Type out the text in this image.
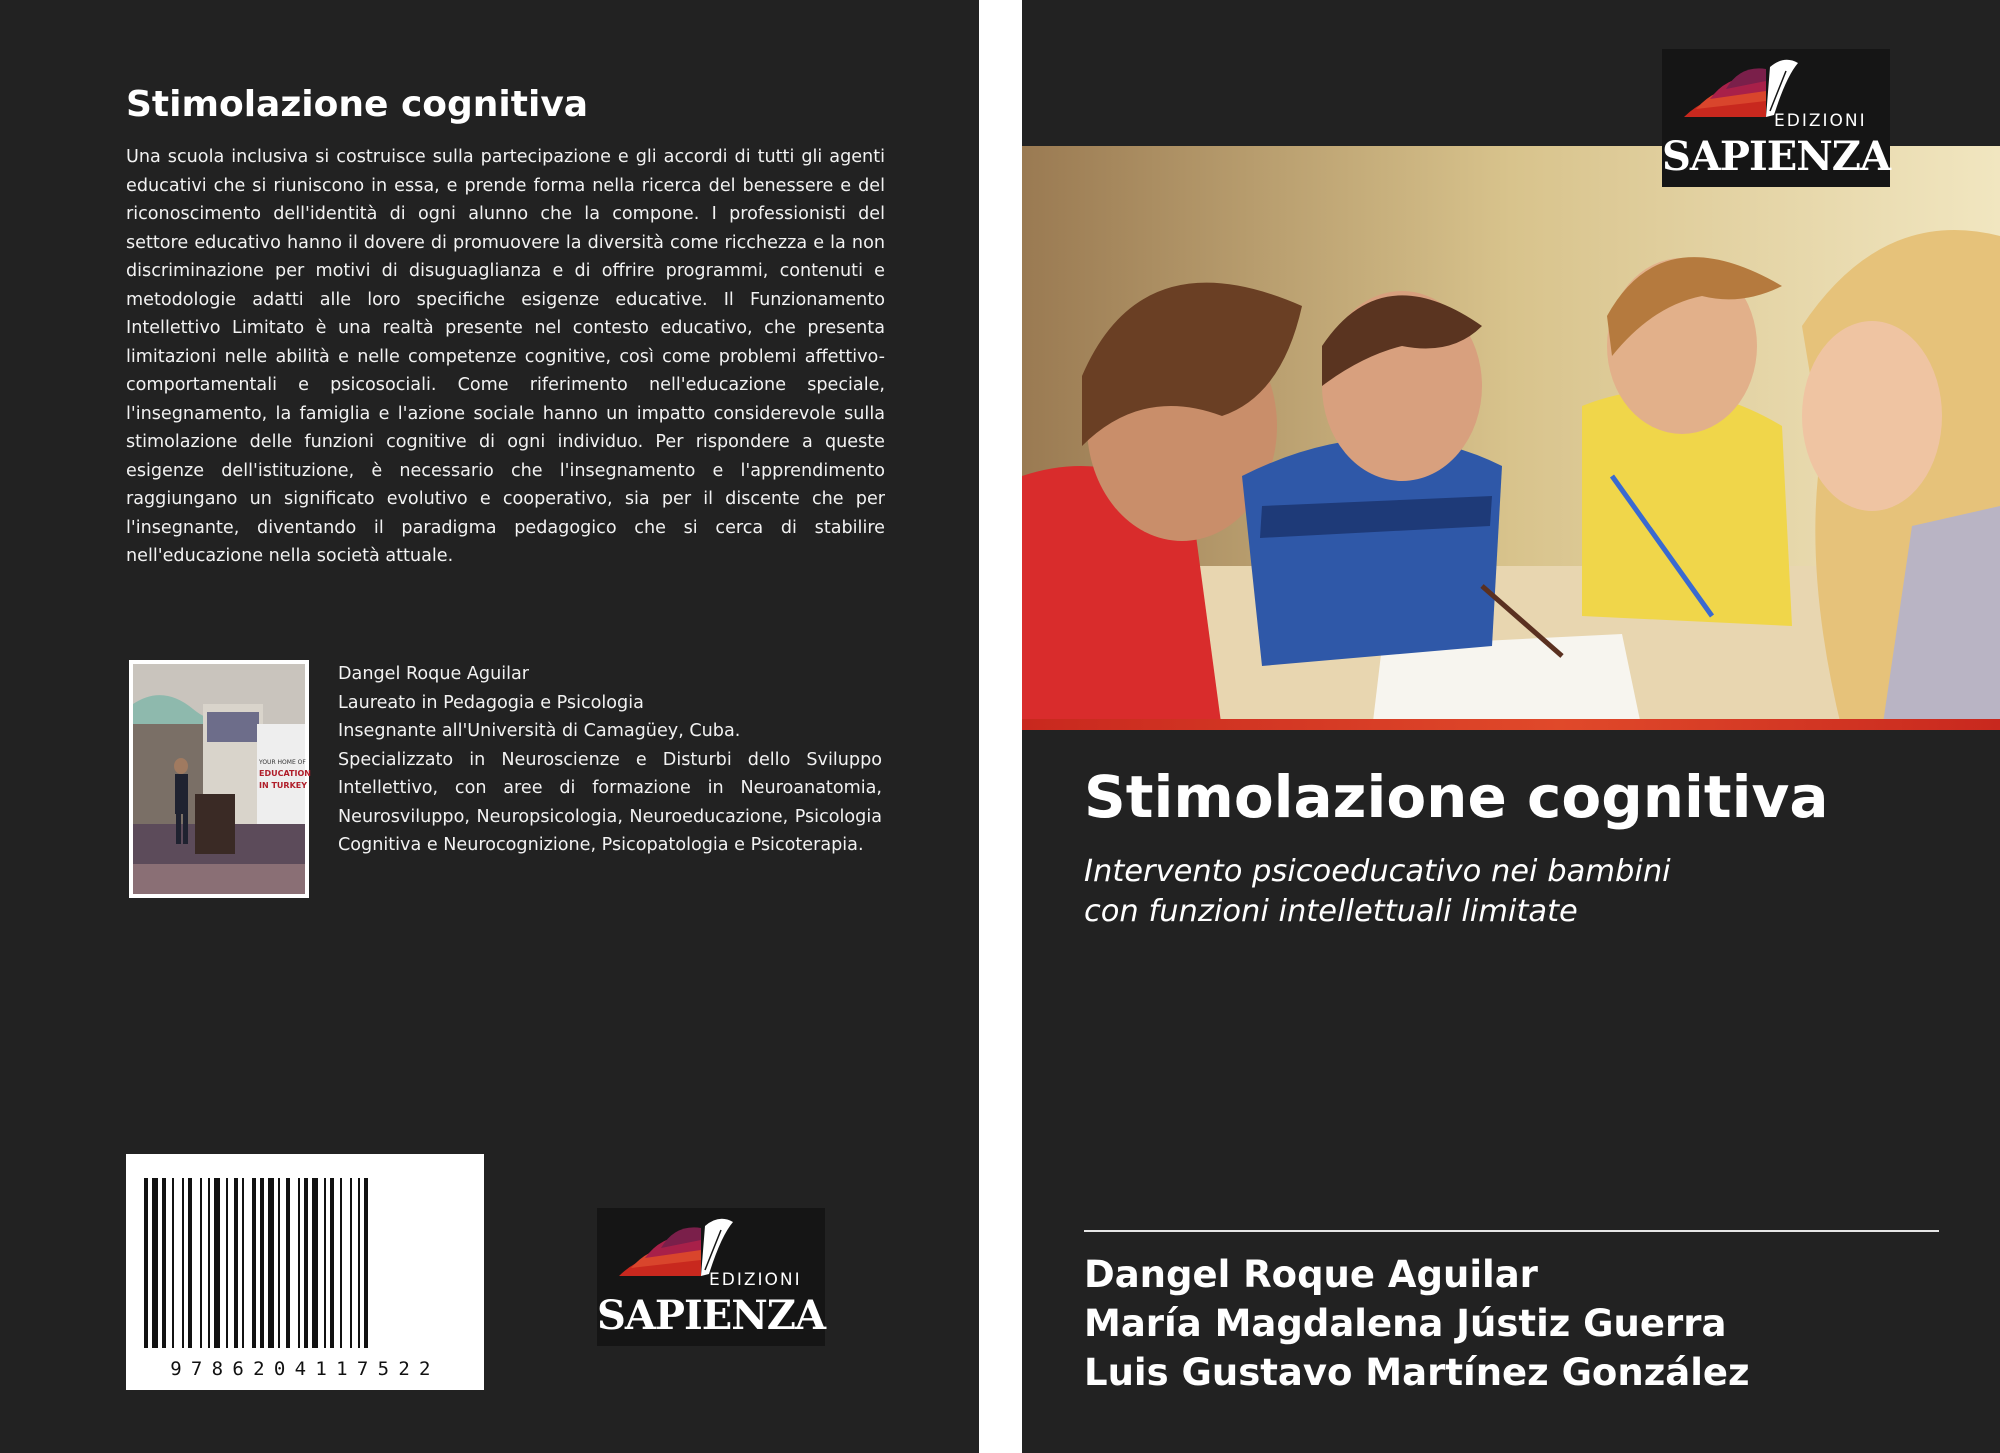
Stimolazione cognitiva

Una scuola inclusiva si costruisce sulla partecipazione e gli accordi di tutti gli agenti educativi che si riuniscono in essa, e prende forma nella ricerca del benessere e del riconoscimento dell'identità di ogni alunno che la compone. I professionisti del settore educativo hanno il dovere di promuovere la diversità come ricchezza e la non discriminazione per motivi di disuguaglianza e di offrire programmi, contenuti e metodologie adatti alle loro specifiche esigenze educative. Il Funzionamento Intellettivo Limitato è una realtà presente nel contesto educativo, che presenta limitazioni nelle abilità e nelle competenze cognitive, così come problemi affettivo-comportamentali e psicosociali. Come riferimento nell'educazione speciale, l'insegnamento, la famiglia e l'azione sociale hanno un impatto considerevole sulla stimolazione delle funzioni cognitive di ogni individuo. Per rispondere a queste esigenze dell'istituzione, è necessario che l'insegnamento e l'apprendimento raggiungano un significato evolutivo e cooperativo, sia per il discente che per l'insegnante, diventando il paradigma pedagogico che si cerca di stabilire nell'educazione nella società attuale.

YOUR HOME OF
EDUCATION
IN TURKEY
Dangel Roque Aguilar
Laureato in Pedagogia e Psicologia
Insegnante all'Università di Camagüey, Cuba.
Specializzato in Neuroscienze e Disturbi dello Sviluppo Intellettivo, con aree di formazione in Neuroanatomia, Neurosviluppo, Neuropsicologia, Neuroeducazione, Psicologia Cognitiva e Neurocognizione, Psicopatologia e Psicoterapia.
9786204117522
EDIZIONI
SAPIENZA
EDIZIONI
SAPIENZA
Stimolazione cognitiva
Intervento psicoeducativo nei bambini
con funzioni intellettuali limitate
Dangel Roque Aguilar
María Magdalena Jústiz Guerra
Luis Gustavo Martínez González
